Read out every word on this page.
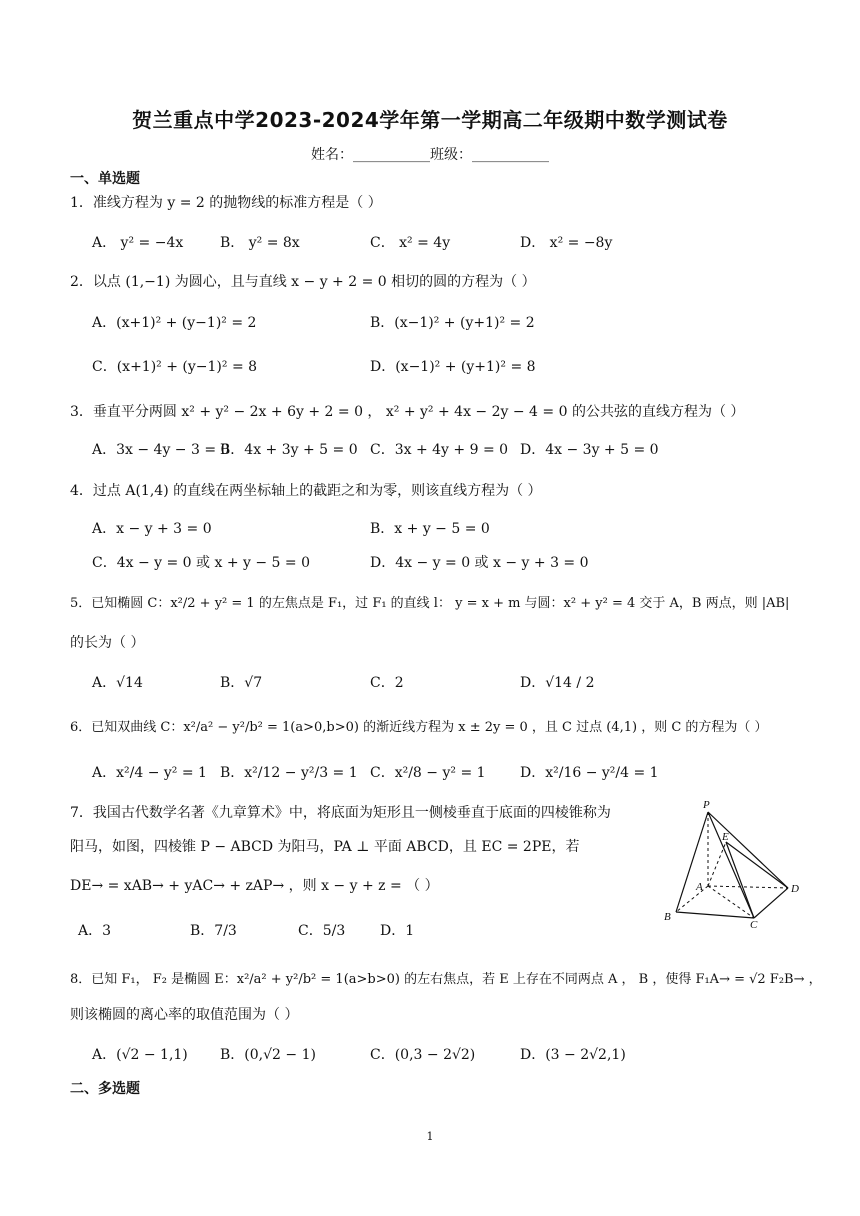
贺兰重点中学2023-2024学年第一学期高二年级期中数学测试卷
姓名：___________班级：___________
一、单选题
1．准线方程为 y = 2 的抛物线的标准方程是（ ）
A． y² = −4x	B． y² = 8x	C． x² = 4y	D． x² = −8y
2．以点 (1,−1) 为圆心，且与直线 x − y + 2 = 0 相切的圆的方程为（ ）
A．(x+1)² + (y−1)² = 2	B．(x−1)² + (y+1)² = 2
C．(x+1)² + (y−1)² = 8	D．(x−1)² + (y+1)² = 8
3．垂直平分两圆 x² + y² − 2x + 6y + 2 = 0 ， x² + y² + 4x − 2y − 4 = 0 的公共弦的直线方程为（ ）
A．3x − 4y − 3 = 0
B．4x + 3y + 5 = 0 C．3x + 4y + 9 = 0 D．4x − 3y + 5 = 0
4．过点 A(1,4) 的直线在两坐标轴上的截距之和为零，则该直线方程为（ ）
A．x − y + 3 = 0	B．x + y − 5 = 0
C．4x − y = 0 或 x + y − 5 = 0	D．4x − y = 0 或 x − y + 3 = 0
5．已知椭圆 C：x²/2 + y² = 1 的左焦点是 F₁，过 F₁ 的直线 l： y = x + m 与圆：x² + y² = 4 交于 A，B 两点，则 |AB|
的长为（ ）
A．√14	B．√7	C．2	D．√14 / 2
6．已知双曲线 C：x²/a² − y²/b² = 1(a>0,b>0) 的渐近线方程为 x ± 2y = 0 ，且 C 过点 (4,1) ，则 C 的方程为（ ）
A．x²/4 − y² = 1 B．x²/12 − y²/3 = 1 C．x²/8 − y² = 1 D．x²/16 − y²/4 = 1
7．我国古代数学名著《九章算术》中，将底面为矩形且一侧棱垂直于底面的四棱锥称为
阳马，如图，四棱锥 P − ABCD 为阳马，PA ⊥ 平面 ABCD，且 EC = 2PE，若
DE→ = xAB→ + yAC→ + zAP→ ，则 x − y + z = （ ）
A．3	B．7/3	C．5/3 D．1
P
E
A
B
C
D
8．已知 F₁， F₂ 是椭圆 E：x²/a² + y²/b² = 1(a>b>0) 的左右焦点，若 E 上存在不同两点 A ， B ，使得 F₁A→ = √2 F₂B→ ，
则该椭圆的离心率的取值范围为（ ）
A．(√2 − 1,1) B．(0,√2 − 1)	C．(0,3 − 2√2)	D．(3 − 2√2,1)
二、多选题
1
